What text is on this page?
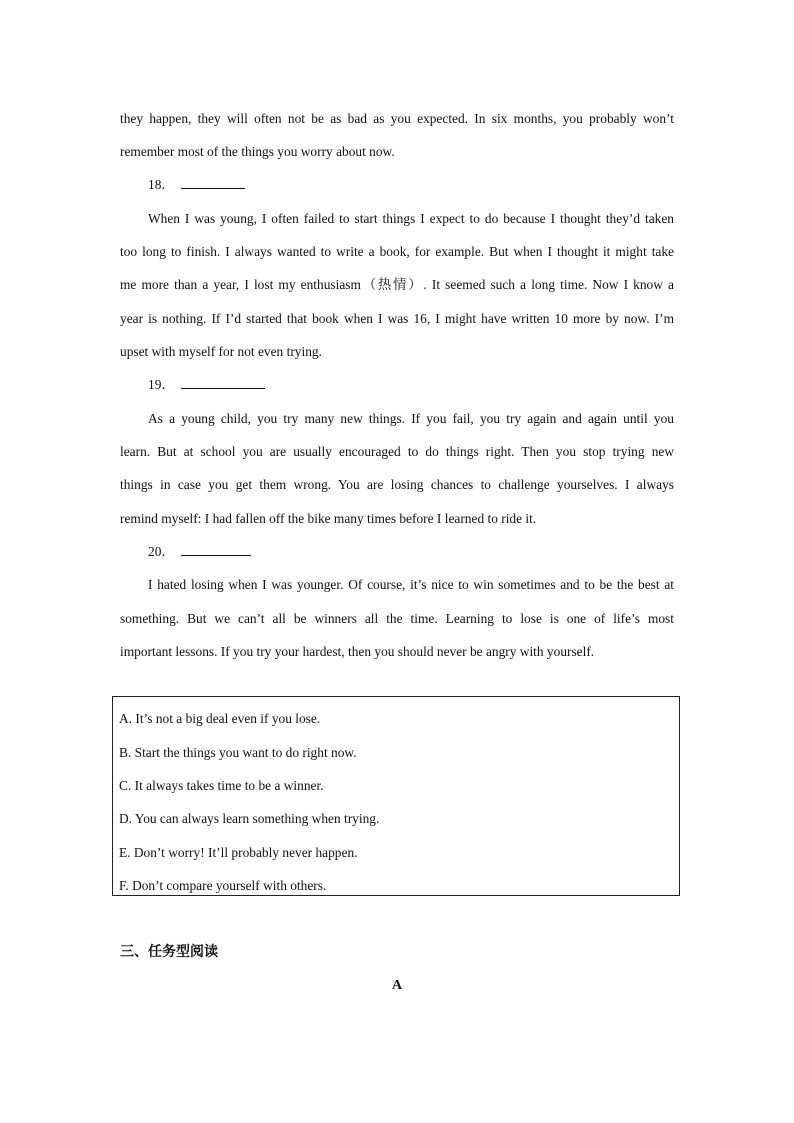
they happen, they will often not be as bad as you expected. In six months, you probably won’t

remember most of the things you worry about now.

18．

When I was young, I often failed to start things I expect to do because I thought they’d taken

too long to finish. I always wanted to write a book, for example. But when I thought it might take

me more than a year, I lost my enthusiasm（热情）. It seemed such a long time. Now I know a

year is nothing. If I’d started that book when I was 16, I might have written 10 more by now. I’m

upset with myself for not even trying.

19．

As a young child, you try many new things. If you fail, you try again and again until you

learn. But at school you are usually encouraged to do things right. Then you stop trying new

things in case you get them wrong. You are losing chances to challenge yourselves. I always

remind myself: I had fallen off the bike many times before I learned to ride it.

20．

I hated losing when I was younger. Of course, it’s nice to win sometimes and to be the best at

something. But we can’t all be winners all the time. Learning to lose is one of life’s most

important lessons. If you try your hardest, then you should never be angry with yourself.

A. It’s not a big deal even if you lose.
B. Start the things you want to do right now.
C. It always takes time to be a winner.
D. You can always learn something when trying.
E. Don’t worry! It’ll probably never happen.
F. Don’t compare yourself with others.
三、任务型阅读
A
